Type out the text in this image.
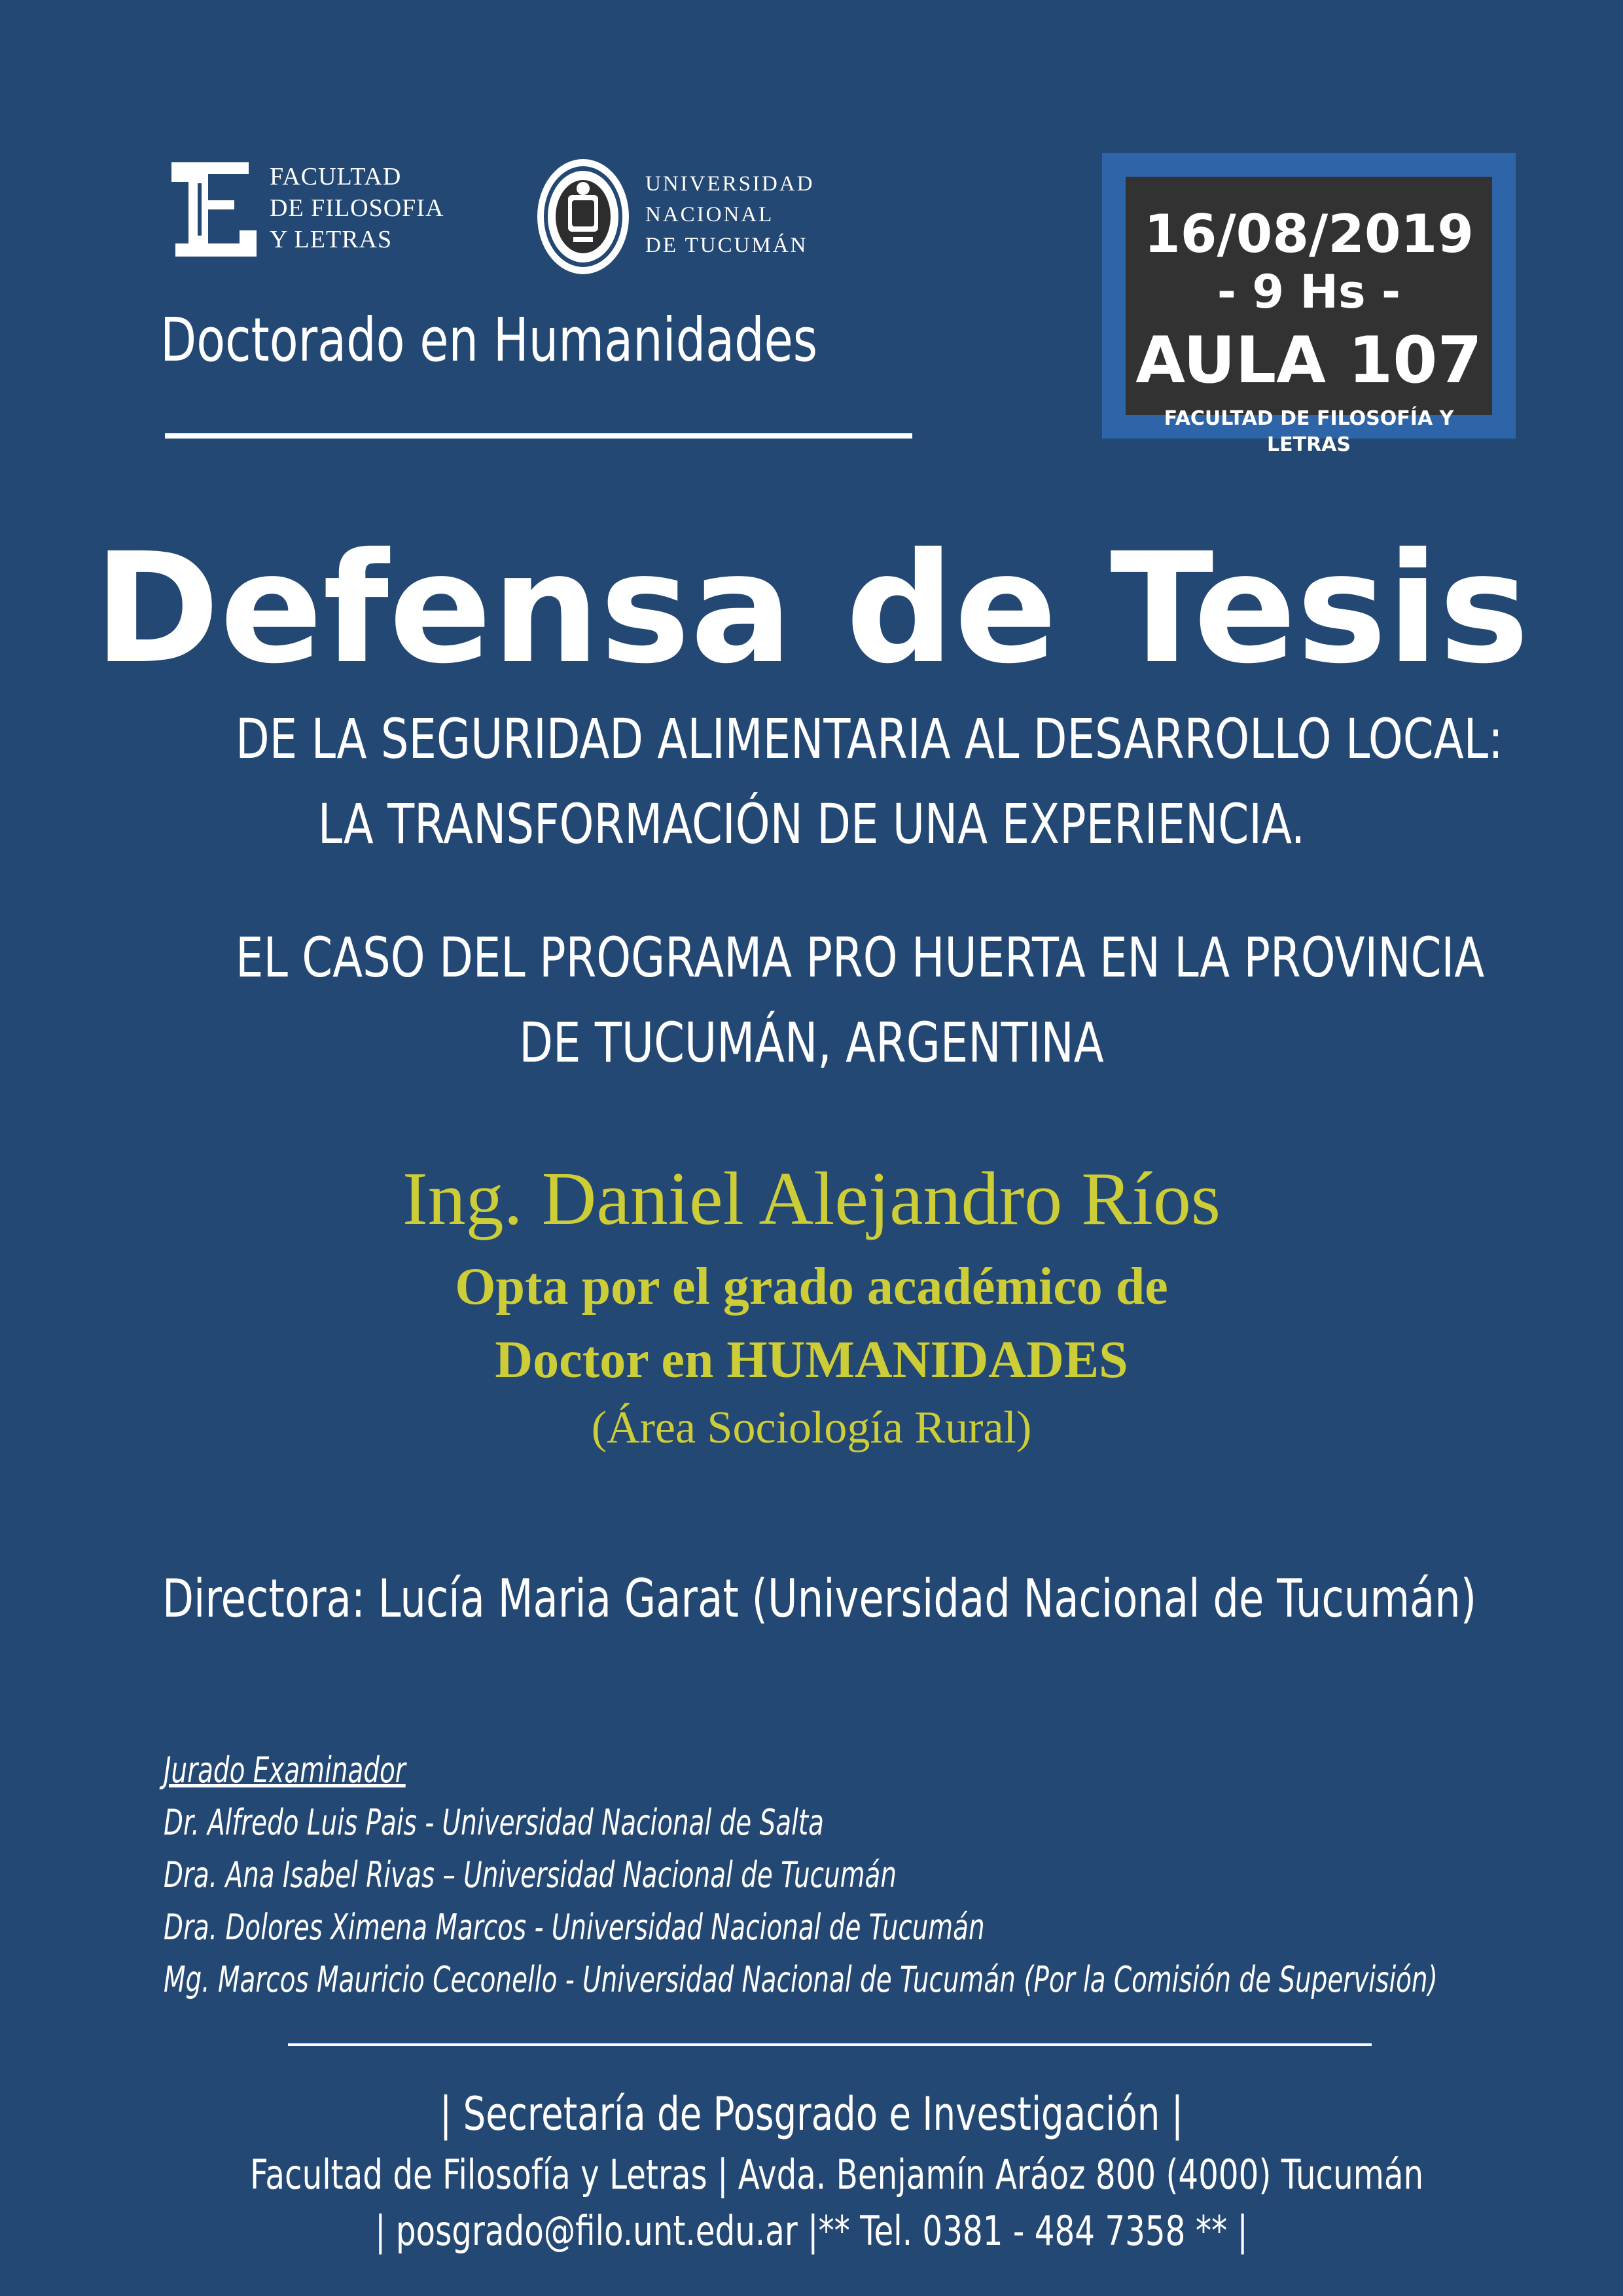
FACULTAD
DE FILOSOFIA
Y LETRAS
UNIVERSIDAD
NACIONAL
DE TUCUMÁN
Doctorado en Humanidades
16/08/2019
- 9 Hs -
AULA 107
FACULTAD DE FILOSOFÍA Y LETRAS
Defensa de Tesis
DE LA SEGURIDAD ALIMENTARIA AL DESARROLLO LOCAL:
LA TRANSFORMACIÓN DE UNA EXPERIENCIA.
EL CASO DEL PROGRAMA PRO HUERTA EN LA PROVINCIA
DE TUCUMÁN, ARGENTINA
Ing. Daniel Alejandro Ríos
Opta por el grado académico de
Doctor en HUMANIDADES
(Área Sociología Rural)
Directora: Lucía Maria Garat (Universidad Nacional de Tucumán)
Jurado Examinador
Dr. Alfredo Luis Pais - Universidad Nacional de Salta
Dra. Ana Isabel Rivas – Universidad Nacional de Tucumán
Dra. Dolores Ximena Marcos - Universidad Nacional de Tucumán
Mg. Marcos Mauricio Ceconello - Universidad Nacional de Tucumán (Por la Comisión de Supervisión)
| Secretaría de Posgrado e Investigación |
Facultad de Filosofía y Letras | Avda. Benjamín Aráoz 800 (4000) Tucumán
| posgrado@filo.unt.edu.ar |** Tel. 0381 - 484 7358 ** |
